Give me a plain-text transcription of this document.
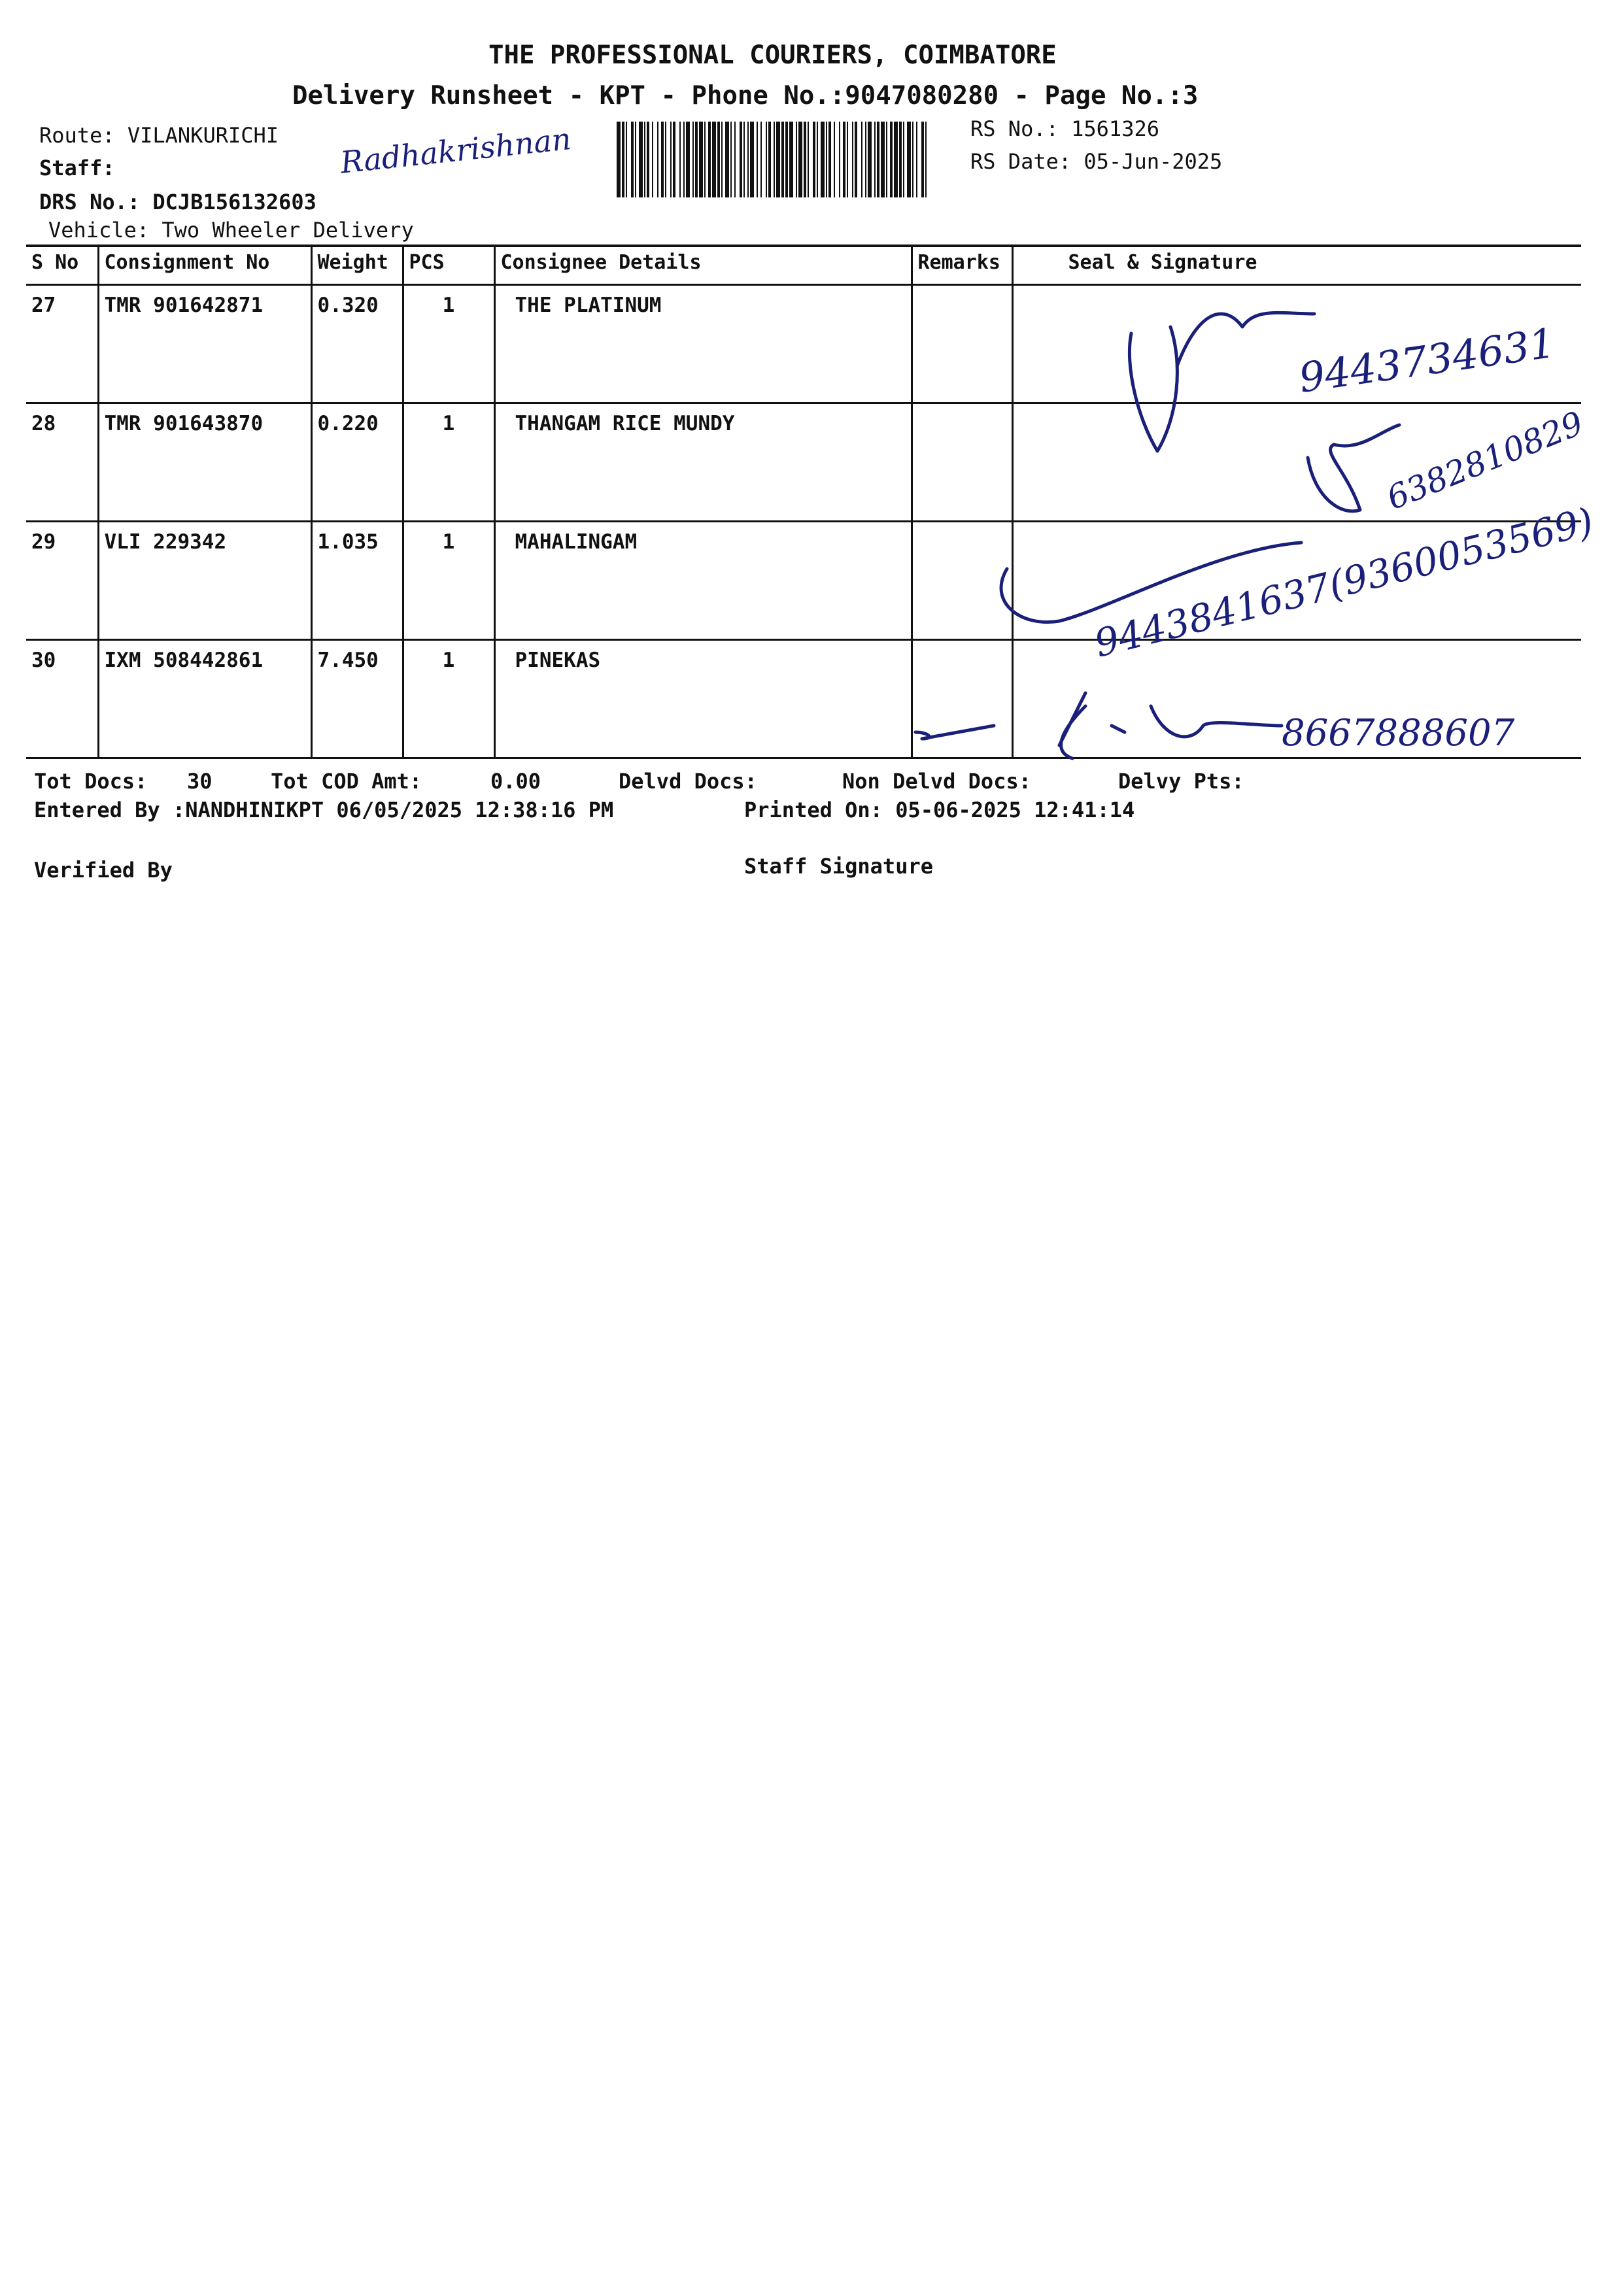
THE PROFESSIONAL COURIERS, COIMBATORE
Delivery Runsheet - KPT - Phone No.:9047080280 - Page No.:3
Route: VILANKURICHI
Staff:
DRS No.: DCJB156132603
Vehicle: Two Wheeler Delivery
RS No.: 1561326
RS Date: 05-Jun-2025
Radhakrishnan
S No	Consignment No	Weight	PCS	Consignee Details	Remarks	Seal & Signature
27	TMR 901642871	0.320	1	THE PLATINUM		
28	TMR 901643870	0.220	1	THANGAM RICE MUNDY		
29	VLI 229342	1.035	1	MAHALINGAM		
30	IXM 508442861	7.450	1	PINEKAS		
9443734631
6382810829
9443841637(9360053569)
8667888607
Tot Docs: 30	Tot COD Amt:	0.00	Delvd Docs:	Non Delvd Docs:	Delvy Pts:
Entered By :NANDHINIKPT 06/05/2025 12:38:16 PM	Printed On: 05-06-2025 12:41:14
Verified By	Staff Signature
